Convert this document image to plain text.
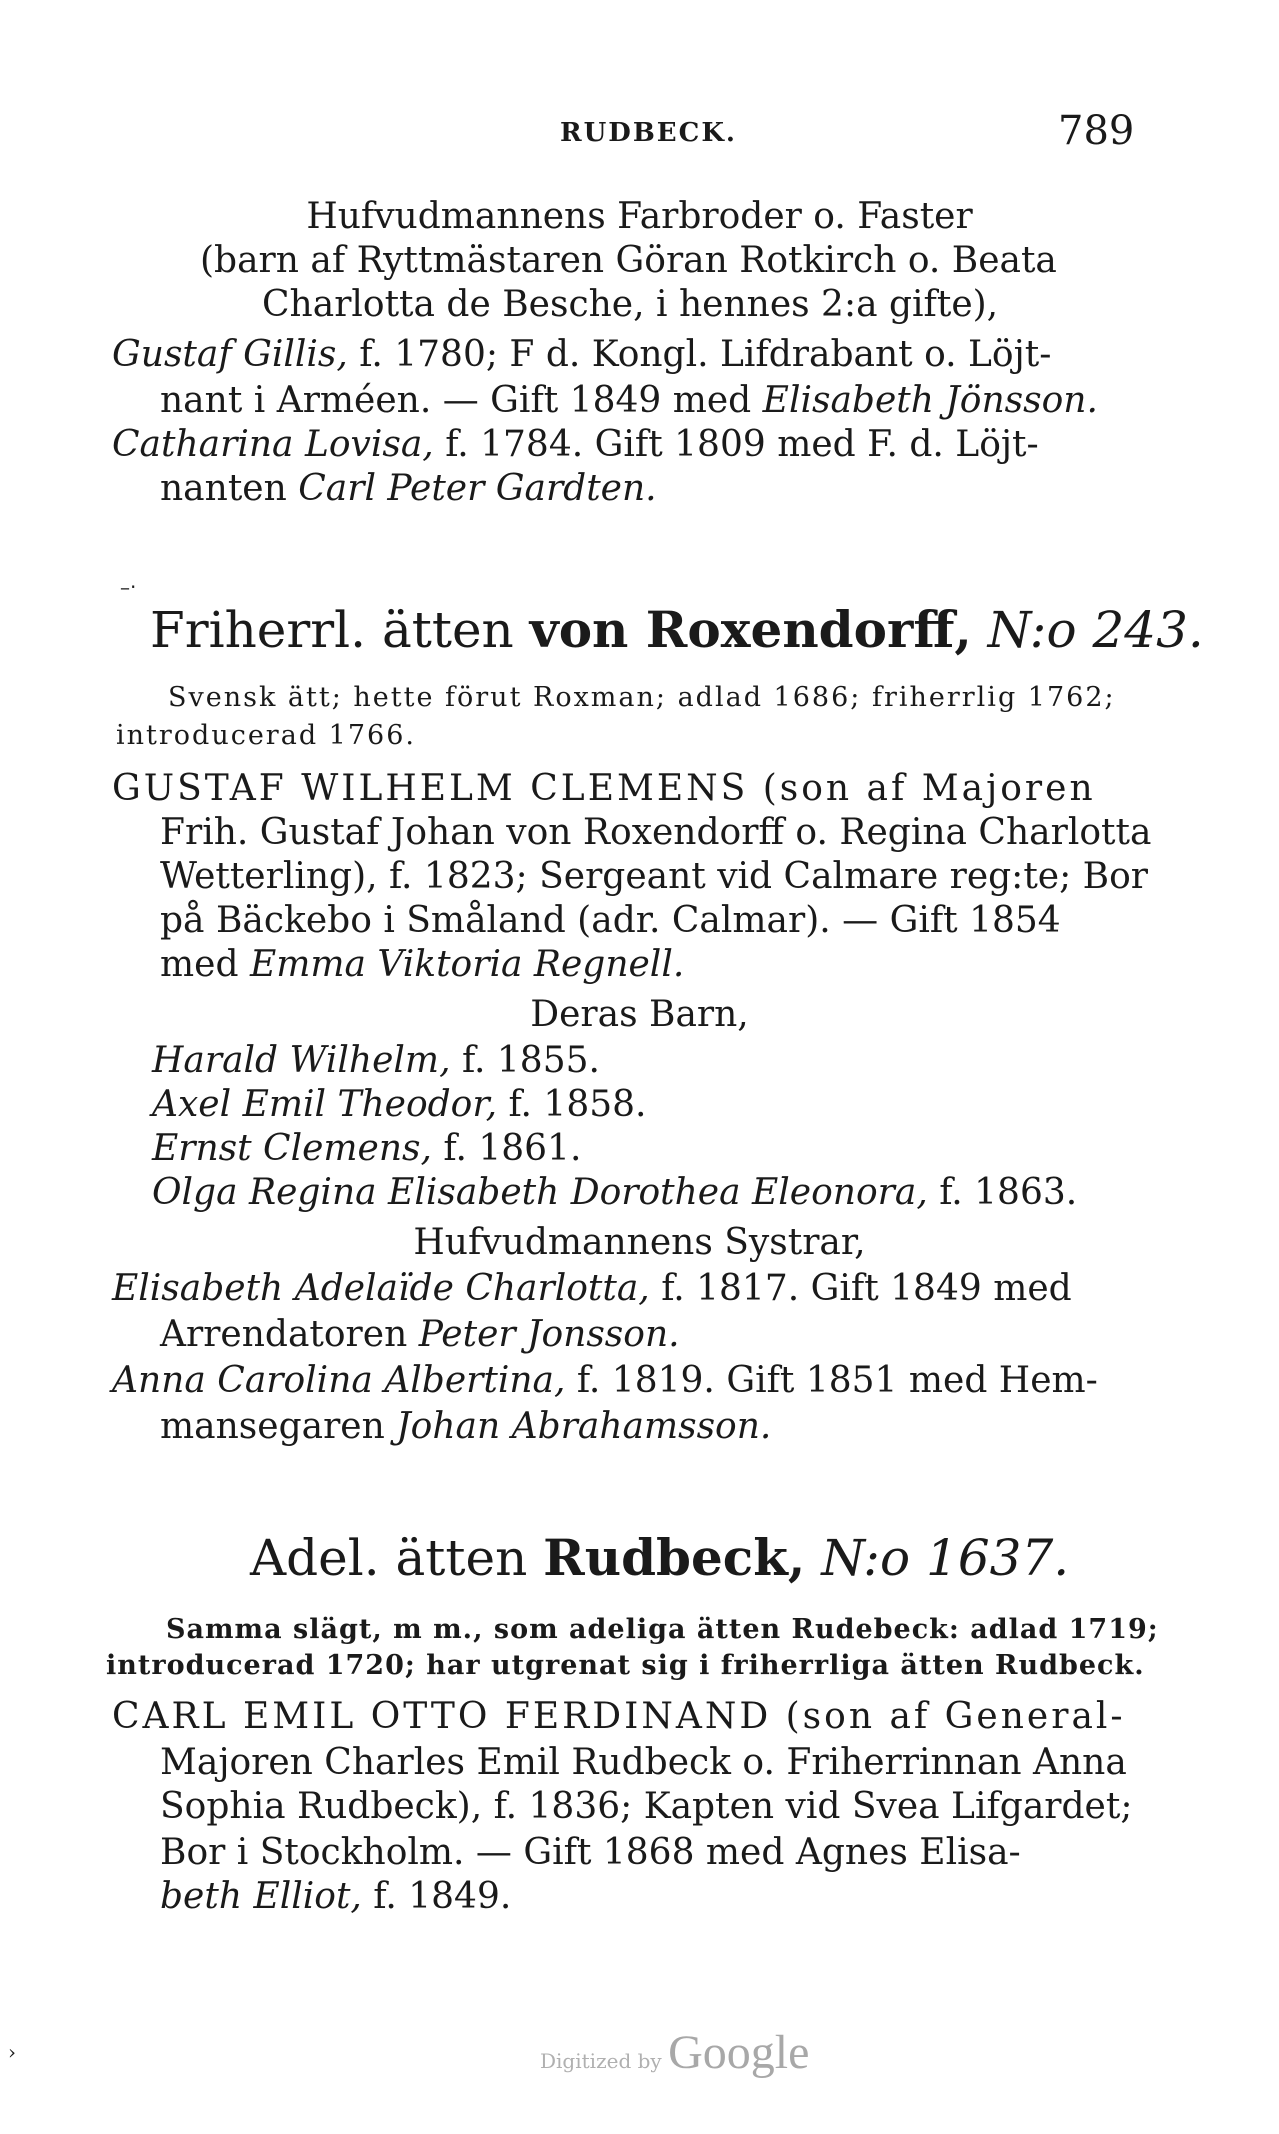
RUDBECK.	789
Hufvudmannens Farbroder o. Faster
(barn af Ryttmästaren Göran Rotkirch o. Beata
Charlotta de Besche, i hennes 2:a gifte),
Gustaf Gillis, f. 1780; F d. Kongl. Lifdrabant o. Löjt-
nant i Arméen. — Gift 1849 med Elisabeth Jönsson.
Catharina Lovisa, f. 1784. Gift 1809 med F. d. Löjt-
nanten Carl Peter Gardten.
–‧
Friherrl. ätten von Roxendorff, N:o 243.
Svensk ätt; hette förut Roxman; adlad 1686; friherrlig 1762;
introducerad 1766.
GUSTAF WILHELM CLEMENS (son af Majoren
Frih. Gustaf Johan von Roxendorff o. Regina Charlotta
Wetterling), f. 1823; Sergeant vid Calmare reg:te; Bor
på Bäckebo i Småland (adr. Calmar). — Gift 1854
med Emma Viktoria Regnell.
Deras Barn,
Harald Wilhelm, f. 1855.
Axel Emil Theodor, f. 1858.
Ernst Clemens, f. 1861.
Olga Regina Elisabeth Dorothea Eleonora, f. 1863.
Hufvudmannens Systrar,
Elisabeth Adelaïde Charlotta, f. 1817. Gift 1849 med
Arrendatoren Peter Jonsson.
Anna Carolina Albertina, f. 1819. Gift 1851 med Hem-
mansegaren Johan Abrahamsson.
Adel. ätten Rudbeck, N:o 1637.
Samma slägt, m m., som adeliga ätten Rudebeck: adlad 1719;
introducerad 1720; har utgrenat sig i friherrliga ätten Rudbeck.
CARL EMIL OTTO FERDINAND (son af General-
Majoren Charles Emil Rudbeck o. Friherrinnan Anna
Sophia Rudbeck), f. 1836; Kapten vid Svea Lifgardet;
Bor i Stockholm. — Gift 1868 med Agnes Elisa-
beth Elliot, f. 1849.
Digitized by Google
›
